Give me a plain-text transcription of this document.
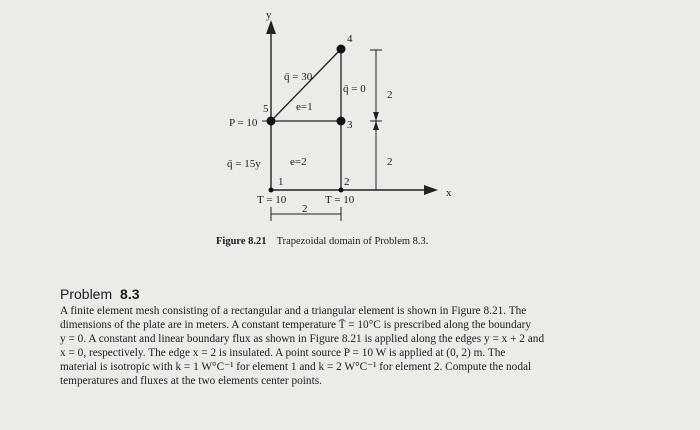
y
x
4
q̄ = 30
q̄ = 0 2
5	e=1
P = 10	3
q̄ = 15y	e=2	2
1	2
T = 10	T = 10
2
Figure 8.21 Trapezoidal domain of Problem 8.3.
Problem 8.3
A finite element mesh consisting of a rectangular and a triangular element is shown in Figure 8.21. The
dimensions of the plate are in meters. A constant temperature T̄ = 10°C is prescribed along the boundary
y = 0. A constant and linear boundary flux as shown in Figure 8.21 is applied along the edges y = x + 2 and
x = 0, respectively. The edge x = 2 is insulated. A point source P = 10 W is applied at (0, 2) m. The
material is isotropic with k = 1 W°C⁻¹ for element 1 and k = 2 W°C⁻¹ for element 2. Compute the nodal
temperatures and fluxes at the two elements center points.
